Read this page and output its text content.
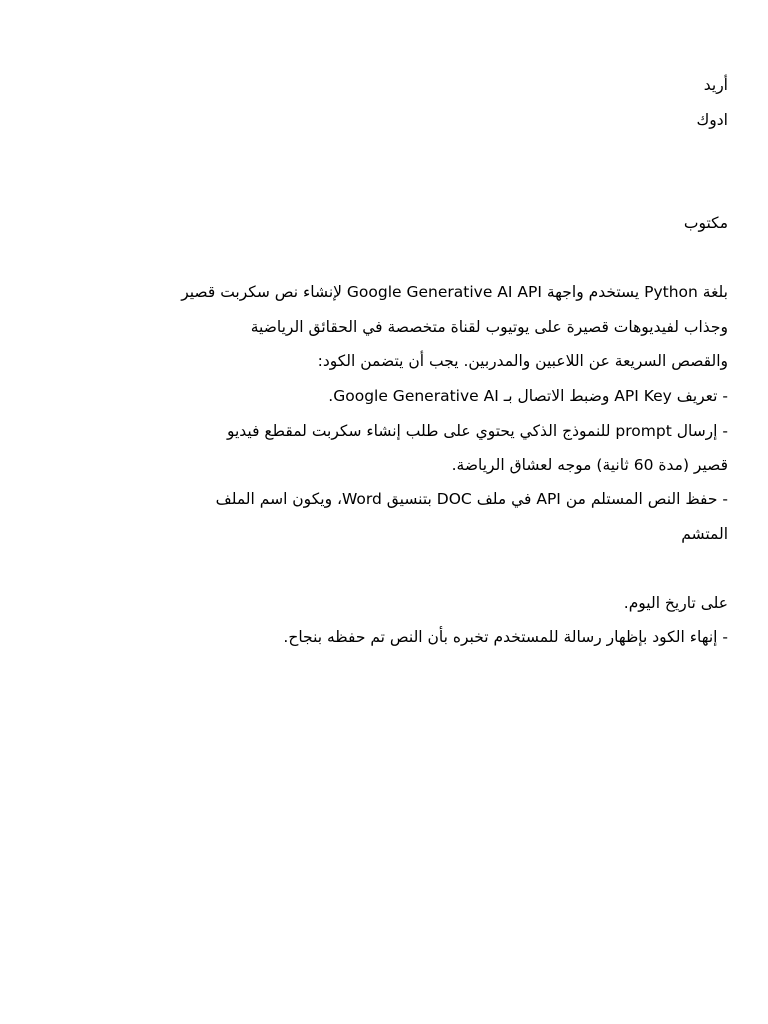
أريد
ادوك
مكتوب
بلغة Python يستخدم واجهة Google Generative AI API لإنشاء نص سكربت قصير
وجذاب لفيديوهات قصيرة على يوتيوب لقناة متخصصة في الحقائق الرياضية
والقصص السريعة عن اللاعبين والمدربين. يجب أن يتضمن الكود:
- تعريف API Key وضبط الاتصال بـ Google Generative AI.
- إرسال prompt للنموذج الذكي يحتوي على طلب إنشاء سكربت لمقطع فيديو
قصير (مدة 60 ثانية) موجه لعشاق الرياضة.
- حفظ النص المستلم من API في ملف DOC بتنسيق Word، ويكون اسم الملف
المتشم
على تاريخ اليوم.
- إنهاء الكود بإظهار رسالة للمستخدم تخبره بأن النص تم حفظه بنجاح.
